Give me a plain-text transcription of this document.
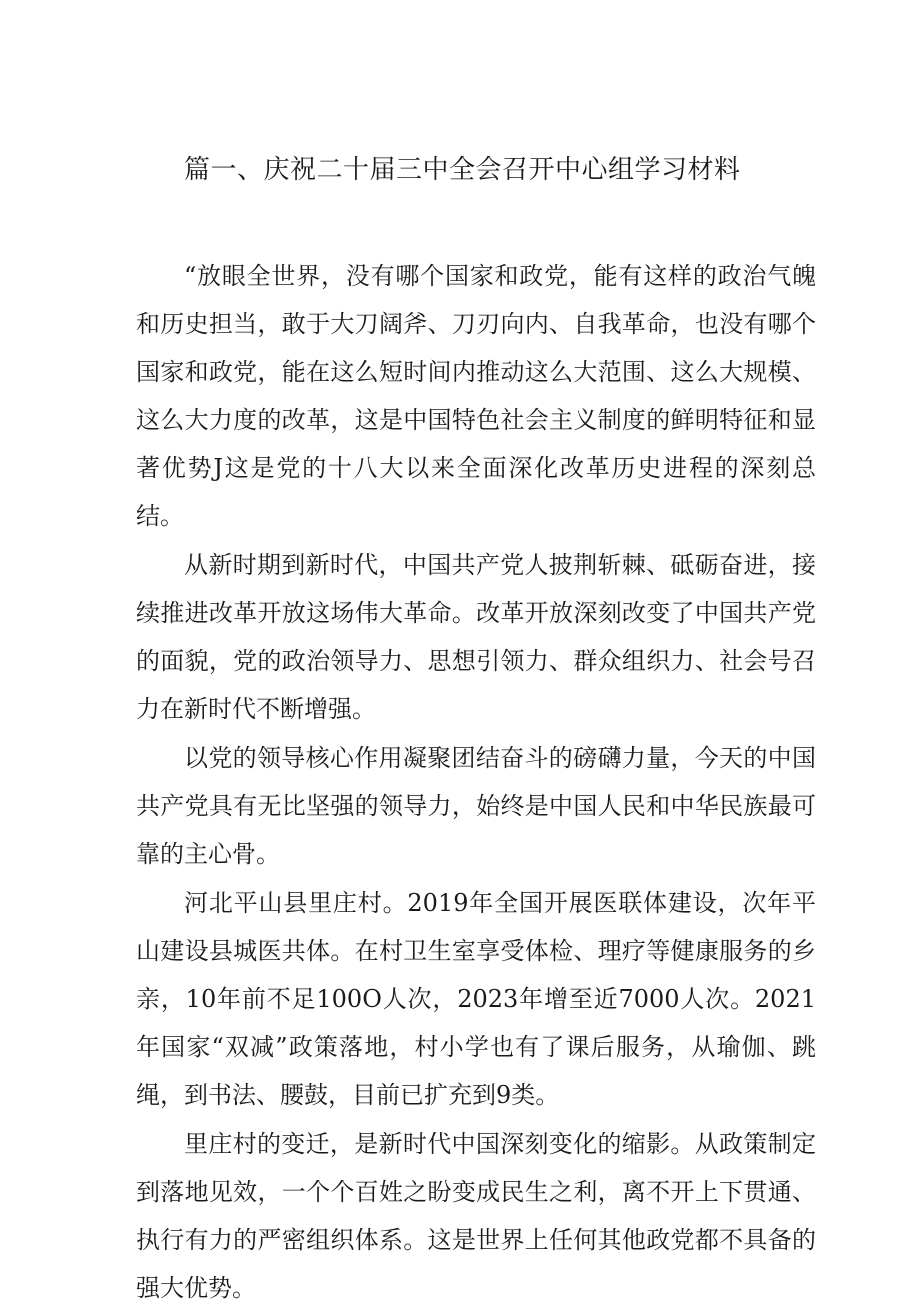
篇一、庆祝二十届三中全会召开中心组学习材料

“放眼全世界，没有哪个国家和政党，能有这样的政治气魄和历史担当，敢于大刀阔斧、刀刃向内、自我革命，也没有哪个国家和政党，能在这么短时间内推动这么大范围、这么大规模、这么大力度的改革，这是中国特色社会主义制度的鲜明特征和显著优势J这是党的十八大以来全面深化改革历史进程的深刻总结。

从新时期到新时代，中国共产党人披荆斩棘、砥砺奋进，接续推进改革开放这场伟大革命。改革开放深刻改变了中国共产党的面貌，党的政治领导力、思想引领力、群众组织力、社会号召力在新时代不断增强。

以党的领导核心作用凝聚团结奋斗的磅礴力量，今天的中国共产党具有无比坚强的领导力，始终是中国人民和中华民族最可靠的主心骨。

河北平山县里庄村。2019年全国开展医联体建设，次年平山建设县城医共体。在村卫生室享受体检、理疗等健康服务的乡亲，10年前不足100O人次，2023年增至近7000人次。2021年国家“双减”政策落地，村小学也有了课后服务，从瑜伽、跳绳，到书法、腰鼓，目前已扩充到9类。

里庄村的变迁，是新时代中国深刻变化的缩影。从政策制定到落地见效，一个个百姓之盼变成民生之利，离不开上下贯通、执行有力的严密组织体系。这是世界上任何其他政党都不具备的强大优势。
